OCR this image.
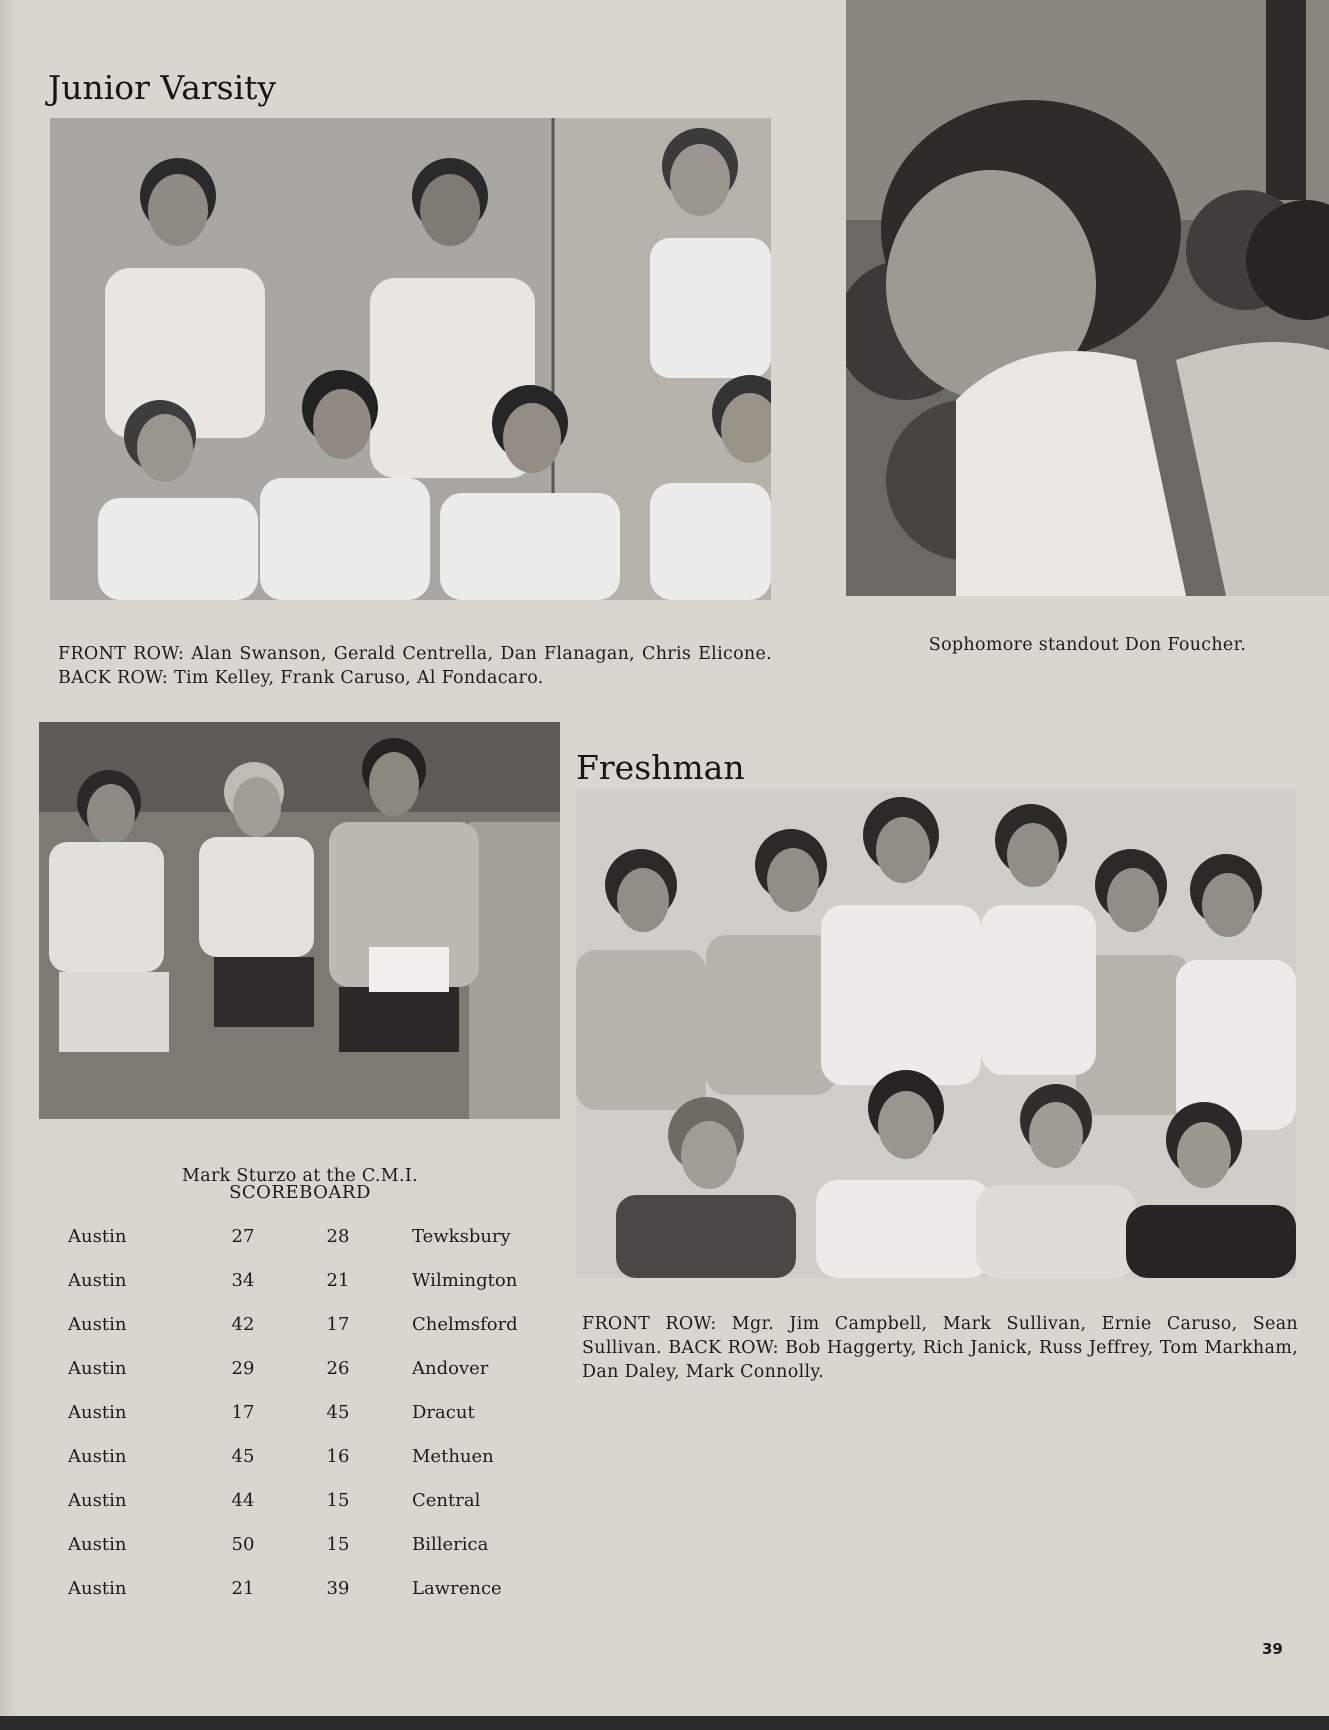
Junior Varsity

FRONT ROW: Alan Swanson, Gerald Centrella, Dan Flanagan, Chris Elicone. BACK ROW: Tim Kelley, Frank Caruso, Al Fondacaro.

Sophomore standout Don Foucher.

Mark Sturzo at the C.M.I.

SCOREBOARD
Austin	27	28	Tewksbury
Austin	34	21	Wilmington
Austin	42	17	Chelmsford
Austin	29	26	Andover
Austin	17	45	Dracut
Austin	45	16	Methuen
Austin	44	15	Central
Austin	50	15	Billerica
Austin	21	39	Lawrence
Freshman

FRONT ROW: Mgr. Jim Campbell, Mark Sullivan, Ernie Caruso, Sean Sullivan. BACK ROW: Bob Haggerty, Rich Janick, Russ Jeffrey, Tom Markham, Dan Daley, Mark Connolly.

39
